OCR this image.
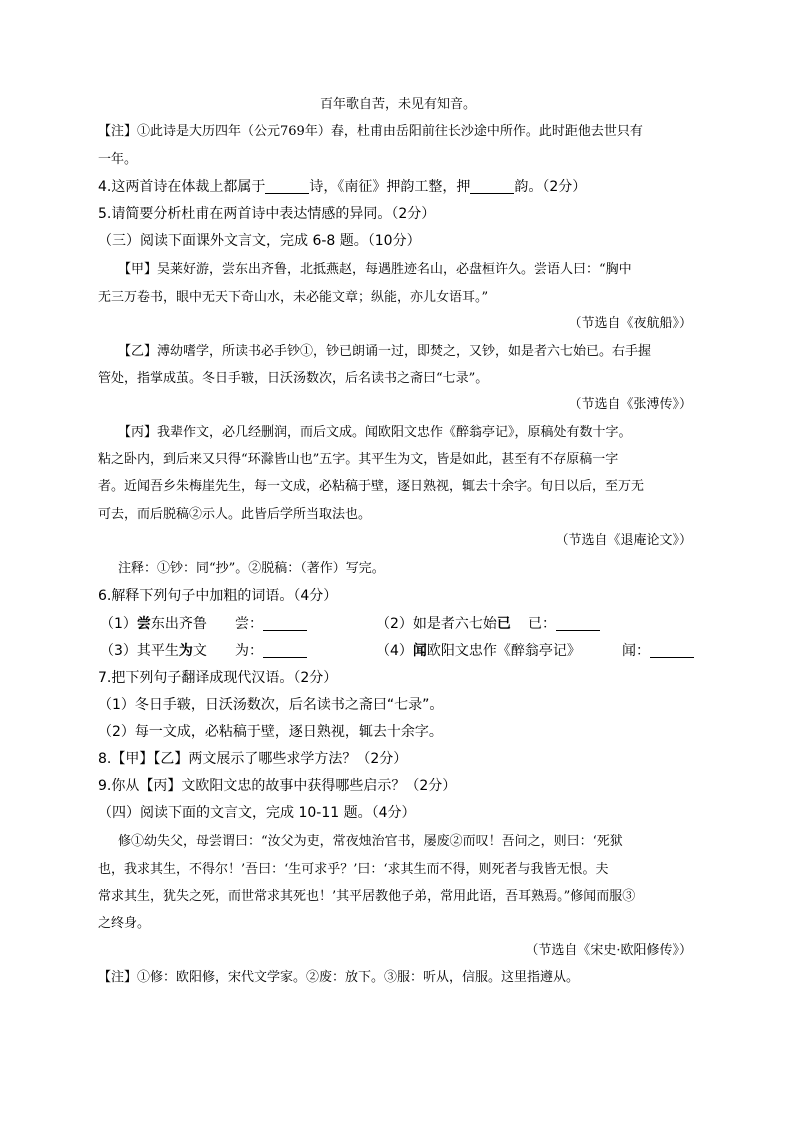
百年歌自苦，未见有知音。
【注】①此诗是大历四年（公元769年）春，杜甫由岳阳前往长沙途中所作。此时距他去世只有
一年。
4.这两首诗在体裁上都属于	诗，《南征》押韵工整，押	韵。（2分）
5.请简要分析杜甫在两首诗中表达情感的异同。（2分）
（三）阅读下面课外文言文，完成 6-8 题。（10分）
【甲】吴莱好游，尝东出齐鲁，北抵燕赵，每遇胜迹名山，必盘桓许久。尝语人曰：“胸中
无三万卷书，眼中无天下奇山水，未必能文章；纵能，亦儿女语耳。”
（节选自《夜航船》）
【乙】溥幼嗜学，所读书必手钞①，钞已朗诵一过，即焚之，又钞，如是者六七始已。右手握
管处，指掌成茧。冬日手皲，日沃汤数次，后名读书之斋曰“七录”。
（节选自《张溥传》）
【丙】我辈作文，必几经删润，而后文成。闻欧阳文忠作《醉翁亭记》，原稿处有数十字。
粘之卧内，到后来又只得“环滁皆山也”五字。其平生为文，皆是如此，甚至有不存原稿一字
者。近闻吾乡朱梅崖先生，每一文成，必粘稿于壁，逐日熟视，辄去十余字。旬日以后，至万无
可去，而后脱稿②示人。此皆后学所当取法也。
（节选自《退庵论文》）
注释：①钞：同“抄”。②脱稿：（著作）写完。
6.解释下列句子中加粗的词语。（4分）
（1）尝东出齐鲁 尝：	（2）如是者六七始已 已：
（3）其平生为文 为：	（4）闻欧阳文忠作《醉翁亭记》	闻：
7.把下列句子翻译成现代汉语。（2分）
（1）冬日手皲，日沃汤数次，后名读书之斋曰“七录”。
（2）每一文成，必粘稿于壁，逐日熟视，辄去十余字。
8.【甲】【乙】两文展示了哪些求学方法？（2分）
9.你从【丙】文欧阳文忠的故事中获得哪些启示？（2分）
（四）阅读下面的文言文，完成 10-11 题。（4分）
修①幼失父，母尝谓曰：“汝父为吏，常夜烛治官书，屡废②而叹！吾问之，则曰：‘死狱
也，我求其生，不得尔！’吾曰：‘生可求乎？’曰：‘求其生而不得，则死者与我皆无恨。夫
常求其生，犹失之死，而世常求其死也！’其平居教他子弟，常用此语，吾耳熟焉。”修闻而服③
之终身。
（节选自《宋史·欧阳修传》）
【注】①修：欧阳修，宋代文学家。②废：放下。③服：听从，信服。这里指遵从。
